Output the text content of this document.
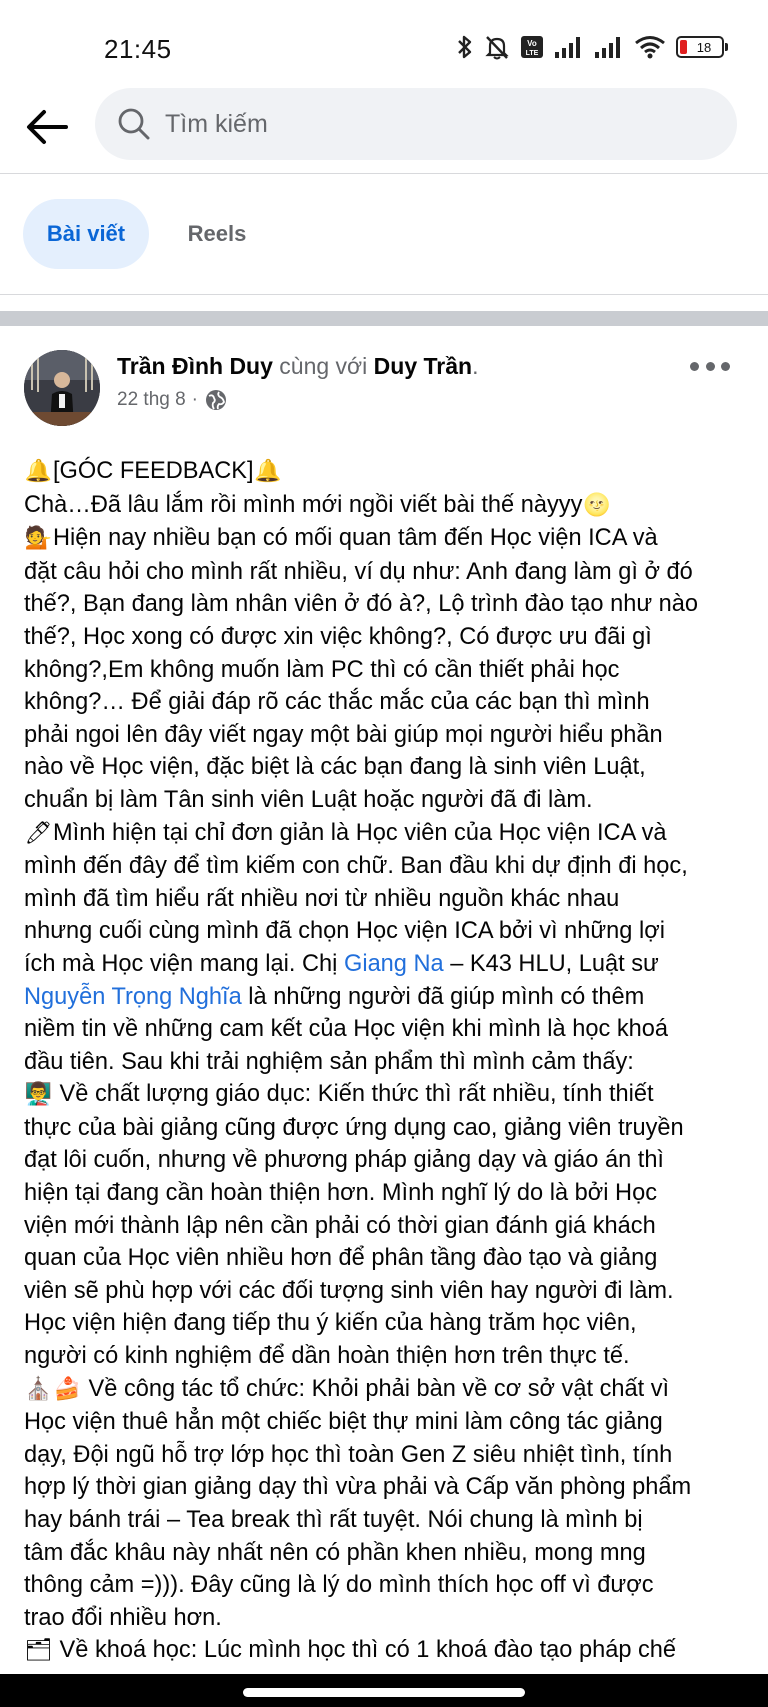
21:45	Vo
LTE	18
Tìm kiếm
Bài viết	Reels
Trần Đình Duy cùng với Duy Trần.
22 thg 8 ·

🔔[GÓC FEEDBACK]🔔

Chà…Đã lâu lắm rồi mình mới ngồi viết bài thế nàyyy🌝

💁Hiện nay nhiều bạn có mối quan tâm đến Học viện ICA và

đặt câu hỏi cho mình rất nhiều, ví dụ như: Anh đang làm gì ở đó

thế?, Bạn đang làm nhân viên ở đó à?, Lộ trình đào tạo như nào

thế?, Học xong có được xin việc không?, Có được ưu đãi gì

không?,Em không muốn làm PC thì có cần thiết phải học

không?… Để giải đáp rõ các thắc mắc của các bạn thì mình

phải ngoi lên đây viết ngay một bài giúp mọi người hiểu phần

nào về Học viện, đặc biệt là các bạn đang là sinh viên Luật,

chuẩn bị làm Tân sinh viên Luật hoặc người đã đi làm.

🖊Mình hiện tại chỉ đơn giản là Học viên của Học viện ICA và

mình đến đây để tìm kiếm con chữ. Ban đầu khi dự định đi học,

mình đã tìm hiểu rất nhiều nơi từ nhiều nguồn khác nhau

nhưng cuối cùng mình đã chọn Học viện ICA bởi vì những lợi

ích mà Học viện mang lại. Chị Giang Na – K43 HLU, Luật sư

Nguyễn Trọng Nghĩa là những người đã giúp mình có thêm

niềm tin về những cam kết của Học viện khi mình là học khoá

đầu tiên. Sau khi trải nghiệm sản phẩm thì mình cảm thấy:

👨‍🏫 Về chất lượng giáo dục: Kiến thức thì rất nhiều, tính thiết

thực của bài giảng cũng được ứng dụng cao, giảng viên truyền

đạt lôi cuốn, nhưng về phương pháp giảng dạy và giáo án thì

hiện tại đang cần hoàn thiện hơn. Mình nghĩ lý do là bởi Học

viện mới thành lập nên cần phải có thời gian đánh giá khách

quan của Học viên nhiều hơn để phân tầng đào tạo và giảng

viên sẽ phù hợp với các đối tượng sinh viên hay người đi làm.

Học viện hiện đang tiếp thu ý kiến của hàng trăm học viên,

người có kinh nghiệm để dần hoàn thiện hơn trên thực tế.

⛪🍰 Về công tác tổ chức: Khỏi phải bàn về cơ sở vật chất vì

Học viện thuê hẳn một chiếc biệt thự mini làm công tác giảng

dạy, Đội ngũ hỗ trợ lớp học thì toàn Gen Z siêu nhiệt tình, tính

hợp lý thời gian giảng dạy thì vừa phải và Cấp văn phòng phẩm

hay bánh trái – Tea break thì rất tuyệt. Nói chung là mình bị

tâm đắc khâu này nhất nên có phần khen nhiều, mong mng

thông cảm =))). Đây cũng là lý do mình thích học off vì được

trao đổi nhiều hơn.

🗂 Về khoá học: Lúc mình học thì có 1 khoá đào tạo pháp chế
